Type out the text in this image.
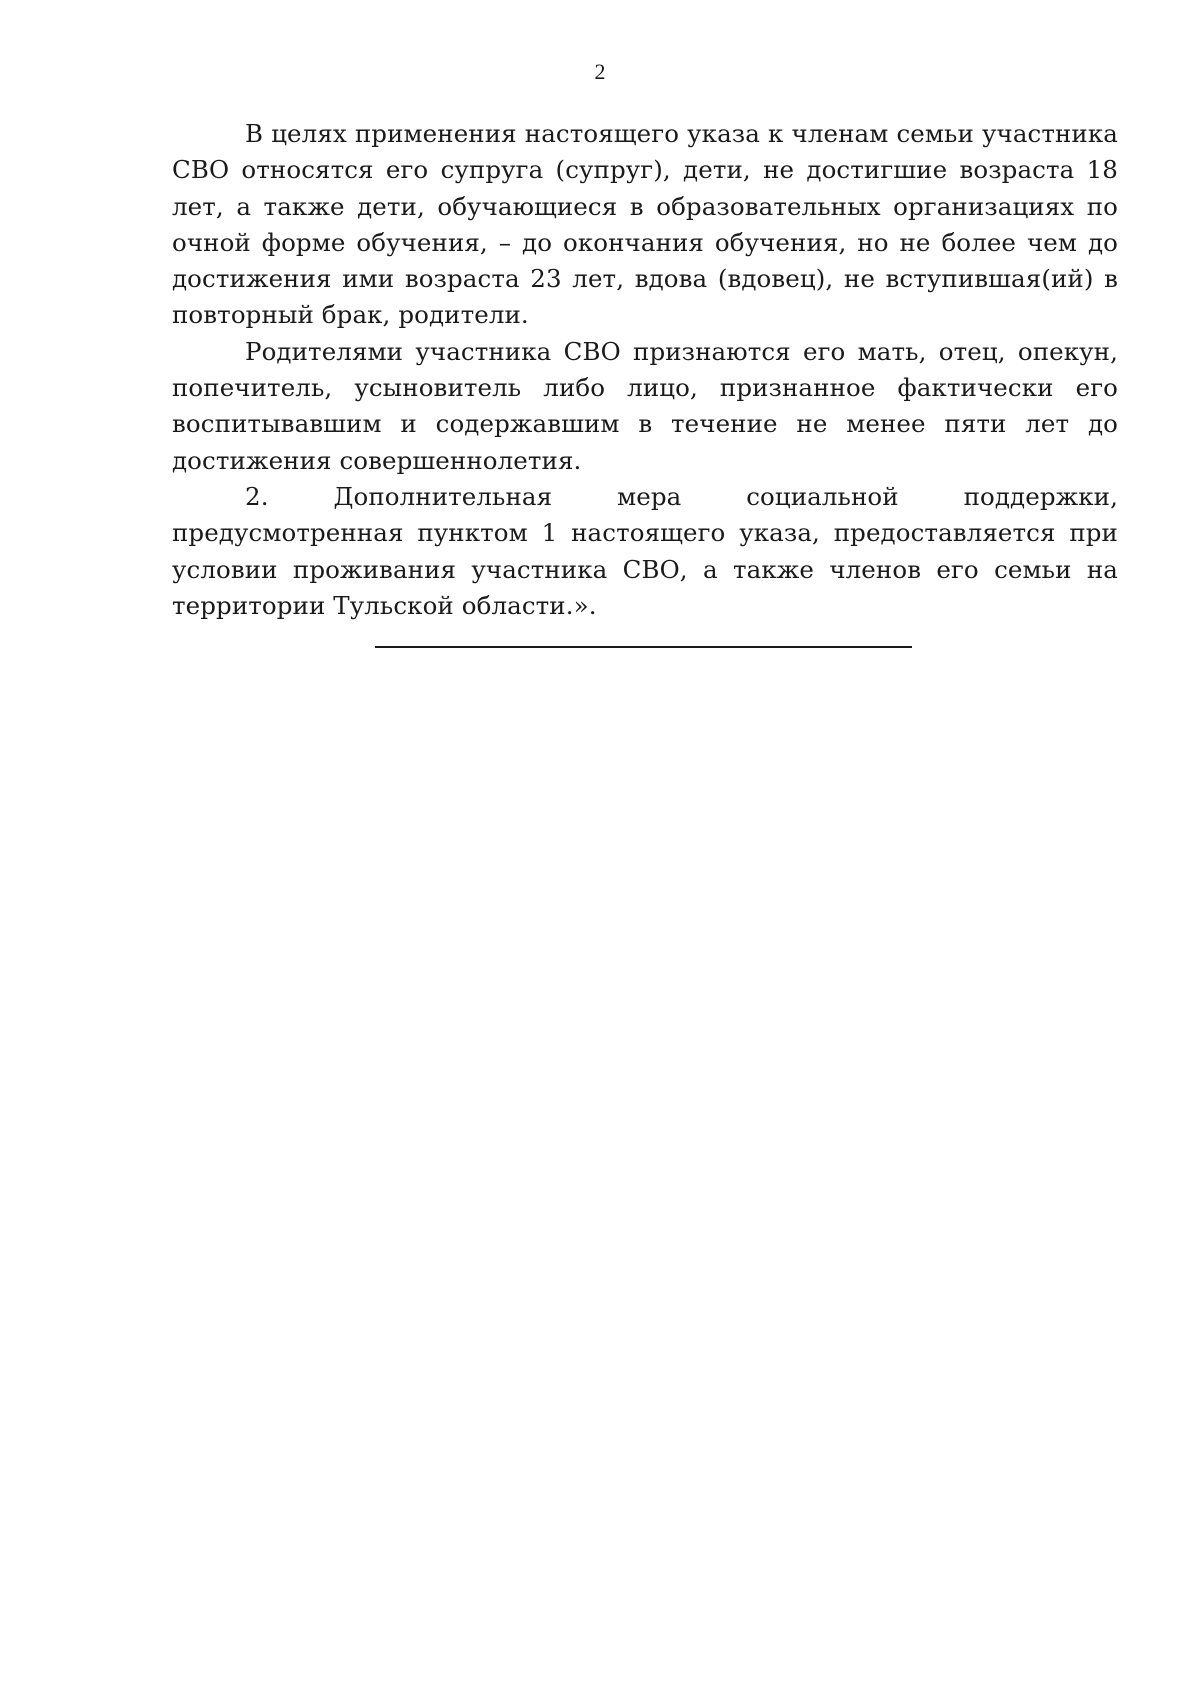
2

В целях применения настоящего указа к членам семьи участника СВО относятся его супруга (супруг), дети, не достигшие возраста 18 лет, а также дети, обучающиеся в образовательных организациях по очной форме обучения, – до окончания обучения, но не более чем до достижения ими возраста 23 лет, вдова (вдовец), не вступившая(ий) в повторный брак, родители.

Родителями участника СВО признаются его мать, отец, опекун, попечитель, усыновитель либо лицо, признанное фактически его воспитывавшим и содержавшим в течение не менее пяти лет до достижения совершеннолетия.

2. Дополнительная мера социальной поддержки, предусмотренная пунктом 1 настоящего указа, предоставляется при условии проживания участника СВО, а также членов его семьи на территории Тульской области.».
